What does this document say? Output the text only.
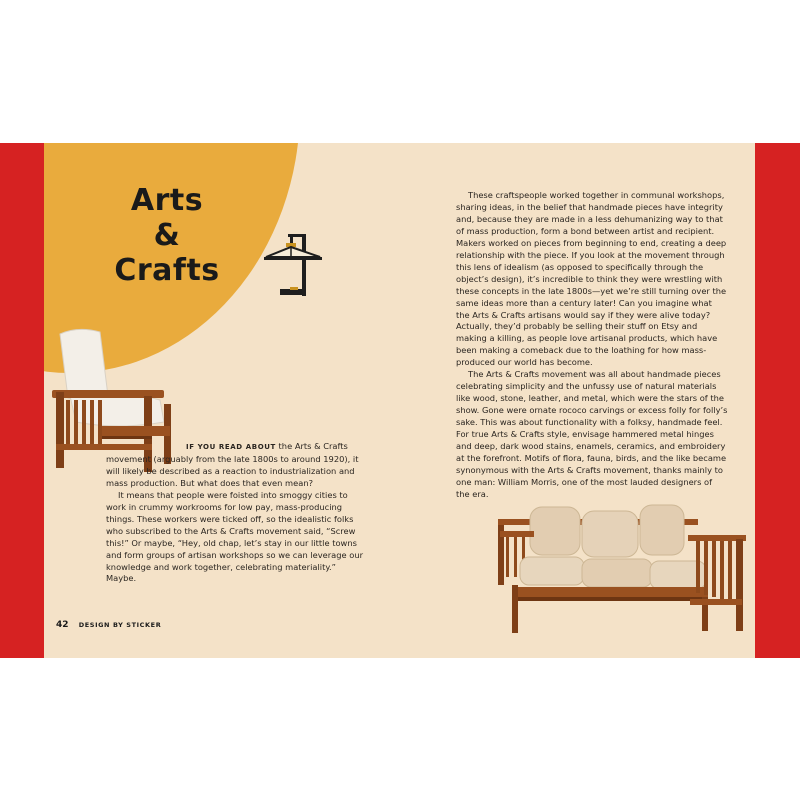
Arts
&
Crafts

IF YOU READ ABOUT the Arts & Crafts movement (arguably from the late 1800s to around 1920), it will likely be described as a reaction to industrialization and mass production. But what does that even mean?

It means that people were foisted into smoggy cities to work in crummy workrooms for low pay, mass-producing things. These workers were ticked off, so the idealistic folks who subscribed to the Arts & Crafts movement said, “Screw this!” Or maybe, “Hey, old chap, let’s stay in our little towns and form groups of artisan workshops so we can leverage our knowledge and work together, celebrating materiality.” Maybe.

These craftspeople worked together in communal workshops, sharing ideas, in the belief that handmade pieces have integrity and, because they are made in a less dehumanizing way to that of mass production, form a bond between artist and recipient. Makers worked on pieces from beginning to end, creating a deep relationship with the piece. If you look at the movement through this lens of idealism (as opposed to specifically through the object’s design), it’s incredible to think they were wrestling with these concepts in the late 1800s—yet we’re still turning over the same ideas more than a century later! Can you imagine what the Arts & Crafts artisans would say if they were alive today? Actually, they’d probably be selling their stuff on Etsy and making a killing, as people love artisanal products, which have been making a comeback due to the loathing for how mass-produced our world has become.

The Arts & Crafts movement was all about handmade pieces celebrating simplicity and the unfussy use of natural materials like wood, stone, leather, and metal, which were the stars of the show. Gone were ornate rococo carvings or excess folly for folly’s sake. This was about functionality with a folksy, handmade feel. For true Arts & Crafts style, envisage hammered metal hinges and deep, dark wood stains, enamels, ceramics, and embroidery at the forefront. Motifs of flora, fauna, birds, and the like became synonymous with the Arts & Crafts movement, thanks mainly to one man: William Morris, one of the most lauded designers of the era.

42 DESIGN BY STICKER
